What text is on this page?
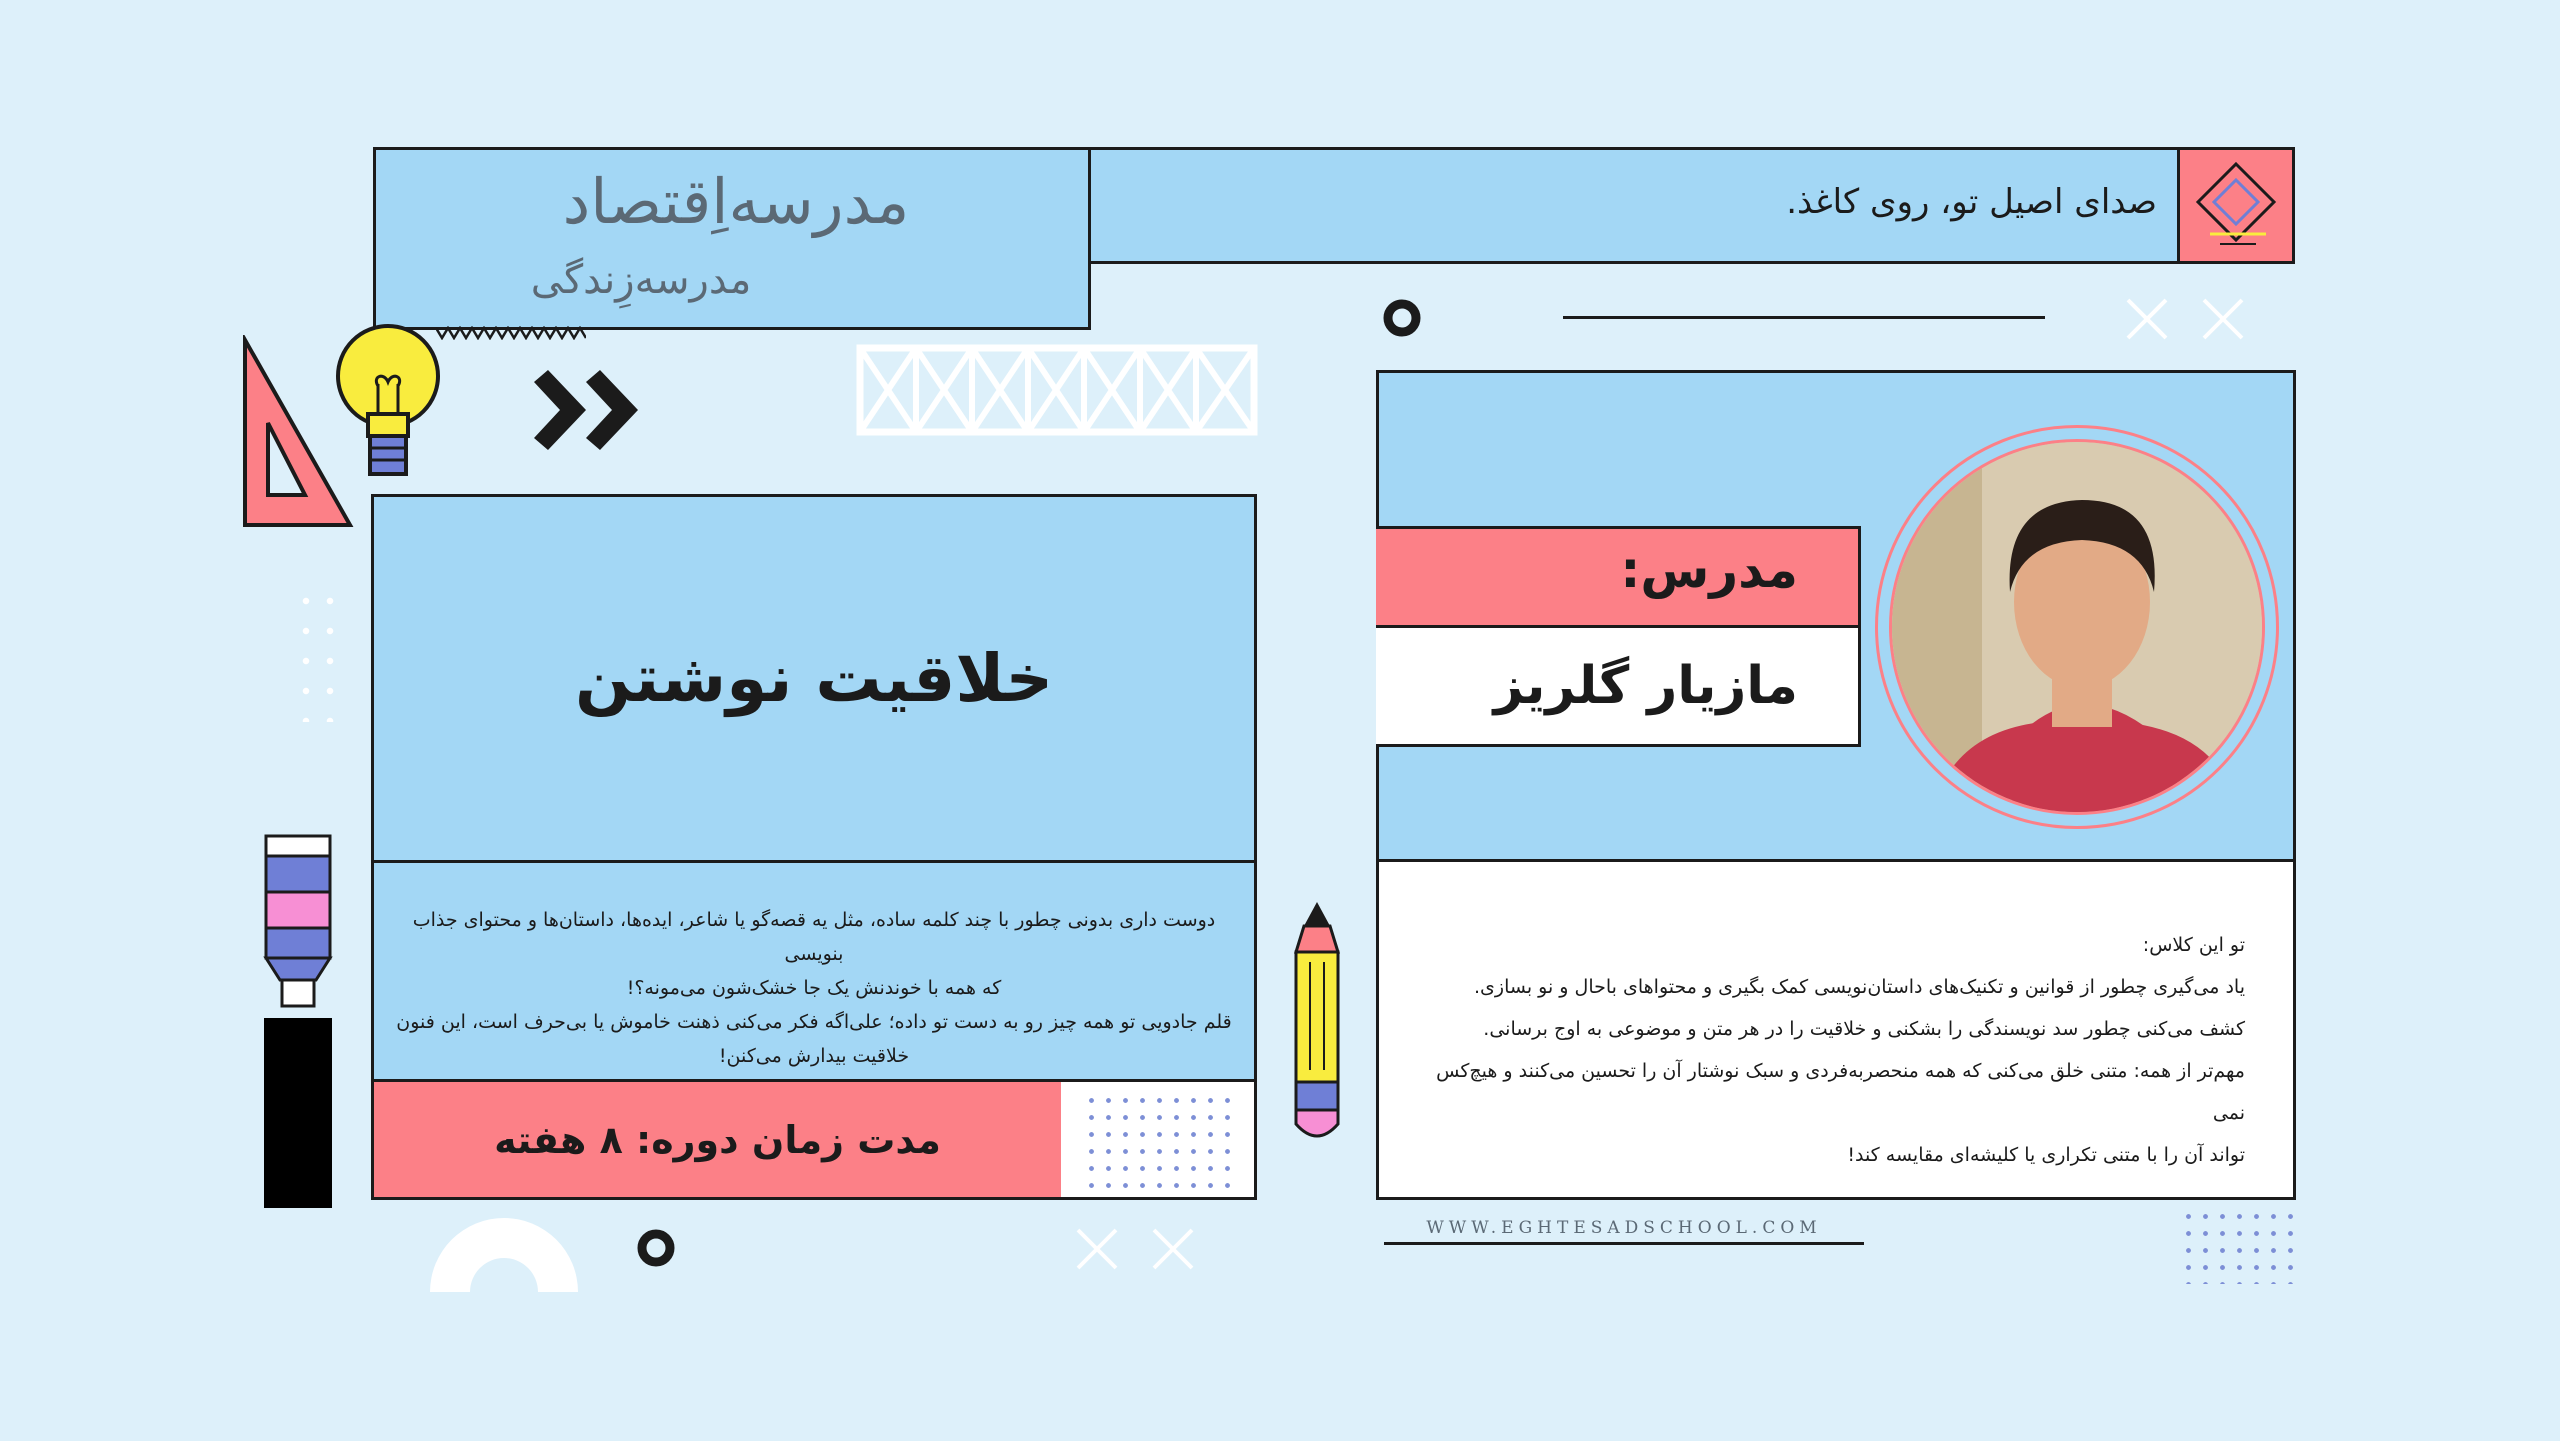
مدرسه‌اِقتصاد
مدرسه‌زِندگی
صدای اصیل تو، روی کاغذ.
خلاقیت نوشتن
دوست داری بدونی چطور با چند کلمه ساده، مثل یه قصه‌گو یا شاعر، ایده‌ها، داستان‌ها و محتوای جذاب بنویسی
که همه با خوندنش یک جا خشک‌شون می‌مونه؟!
قلم جادویی تو همه چیز رو به دست تو داده؛ علی‌اگه فکر می‌کنی ذهنت خاموش یا بی‌حرف است، این فنون
خلاقیت بیدارش می‌کنن!
مدت زمان دوره: ۸ هفته
مدرس:
مازیار گلریز
تو این کلاس:
یاد می‌گیری چطور از قوانین و تکنیک‌های داستان‌نویسی کمک بگیری و محتواهای باحال و نو بسازی.
کشف می‌کنی چطور سد نویسندگی را بشکنی و خلاقیت را در هر متن و موضوعی به اوج برسانی.
مهم‌تر از همه: متنی خلق می‌کنی که همه منحصربه‌فردی و سبک نوشتار آن را تحسین می‌کنند و هیچ‌کس نمی
تواند آن را با متنی تکراری یا کلیشه‌ای مقایسه کند!
WWW.EGHTESADSCHOOL.COM
